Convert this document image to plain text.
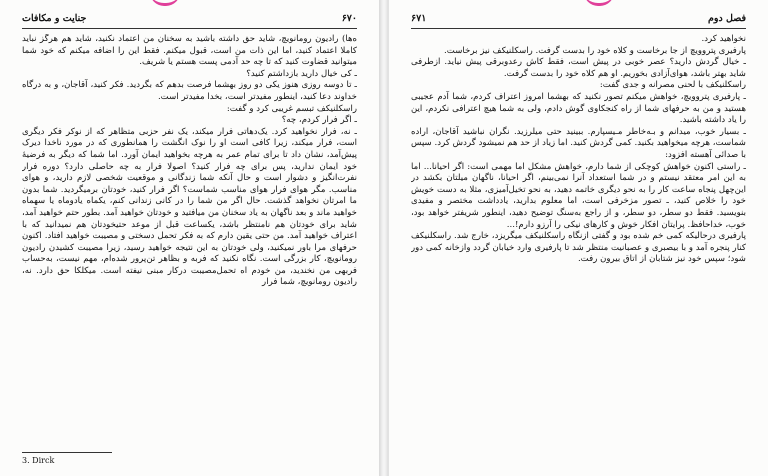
جنایت و مکافات	۶۷۰

ه‌ها) رادیون رومانویچ، شاید حق داشته باشید به سخنان من اعتماد نکنید، شاید هم هرگز نباید کاملا اعتماد کنید، اما این ذات من است، قبول میکنم. فقط این را اضافه میکنم که خود شما میتوانید قضاوت کنید که تا چه حد آدمی پست هستم یا شریف.

ـ کی خیال دارید بازداشتم کنید؟

ـ تا دوسه روزی هنوز یکی دو روز بهشما فرصت بدهم که بگردید. فکر کنید، آقاجان، و به درگاه خداوند دعا کنید، اینطور مفیدتر است، بخدا مفیدتر است.

راسکلنیکف تبسم غریبی کرد و گفت:

ـ اگر فرار کردم، چه؟

ـ نه، فرار نخواهید کرد. یک‌دهاتی فرار میکند، یک نفر حزبی متظاهر که از نوکر فکر دیگری است، فرار میکند، زیرا کافی است او را نوک انگشت را همانطوری که در مورد ناخدا دیرک پیش‌آمد، نشان داد تا برای تمام عمر به هرچه بخواهید ایمان آورد. اما شما که دیگر به فرضیهٔ خود ایمان ندارید، پس برای چه فرار کنید؟ اصولا فرار به چه حاصلی دارد؟ دوره فرار نفرت‌انگیز و دشوار است و حال آنکه شما زندگانی و موقعیت شخصی لازم دارید، و هوای مناسب. مگر هوای فرار هوای مناسب شماست؟ اگر فرار کنید، خودتان برمیگردید. شما بدون ما امرتان نخواهد گذشت. حال اگر من شما را در کانی زندانی کنم، یکماه یادوماه یا سهماه خواهید ماند و بعد ناگهان به یاد سخنان من میافتید و خودتان خواهید آمد. بطور حتم خواهید آمد، شاید برای خودتان هم نامنتظر باشد، یکساعت قبل از موعد حتیخودتان هم نمیدانید که با اعتراف خواهید آمد. من حتی یقین دارم که به فکر تحمل دسختی و مصیبت خواهید افتاد. اکنون حرفهای مرا باور نمیکنید، ولی خودتان به این نتیجه خواهید رسید، زیرا مصیبت کشیدن رادیون رومانویچ، کار بزرگی است. نگاه نکنید که فربه و بظاهر تن‌پرور شده‌ام، مهم نیست، به‌حساب فربهی من نخندید، من خودم اه تحمل‌مصیبت درکار مبنی نیفته است. میکلکا حق دارد. نه، رادیون رومانویچ، شما فرار

3. Dirck
۶۷۱	فصل دوم

نخواهید کرد.

پارفیری پتروویچ از جا برخاست و کلاه خود را بدست گرفت. راسکلنیکف نیز برخاست.

ـ خیال گردش دارید؟ عصر خوبی در پیش است، فقط کاش رعدوبرقی پیش نیاید. ازطرفی شاید بهتر باشد، هوای‌آزادی بخوریم. او هم کلاه خود را بدست گرفت.

راسکلنیکف با لحنی مصرانه و جدی گفت:

ـ پارفیری پتروویچ، خواهش میکنم تصور نکنید که بهشما امروز اعتراف کردم، شما آدم عجیبی هستید و من به حرفهای شما از راه کنجکاوی گوش دادم، ولی به شما هیچ اعترافی نکردم، این را یاد داشته باشید.

ـ بسیار خوب، میدانم و بـه‌خاطر مـیسپارم. ببینید حتی میلرزید. نگران نباشید آقاجان، اراده شماست، هرچه میخواهید بکنید. کمی گردش کنید. اما زیاد از حد هم نمیشود گردش کرد. سپس با صدائی آهسته افزود:

ـ راستی اکنون خواهش کوچکی از شما دارم، خواهش مشکل اما مهمی است: اگر احیانا... اما به این امر معتقد نیستم و در شما استعداد آنرا نمی‌بینم، اگر احیانا، ناگهان میلتان بکشد در این‌چهل پنجاه ساعت کار را به نحو دیگری خاتمه دهید، به نحو تخیل‌آمیزی، مثلا به دست خویش خود را خلاص کنید، ـ تصور مزخرفی است، اما معلوم بدارید، یادداشت مختصر و مفیدی بنویسید. فقط دو سطر، دو سطر، و از راجع به‌سنگ توضیح دهید، اینطور شریفتر خواهد بود، خوب، خداحافظ. پرایتان افکار خوش و کارهای نیکی را آرزو دارم!...

پارفیری درحالیکه کمی خم شده بود و گفتی ازنگاه راسکلنیکف میگریزد، خارج شد. راسکلنیکف کنار پنجره آمد و با بیصبری و عصبانیت منتظر شد تا پارفیری وارد خیابان گردد وازخانه کمی دور شود؛ سپس خود نیز شتابان از اتاق بیرون رفت.
